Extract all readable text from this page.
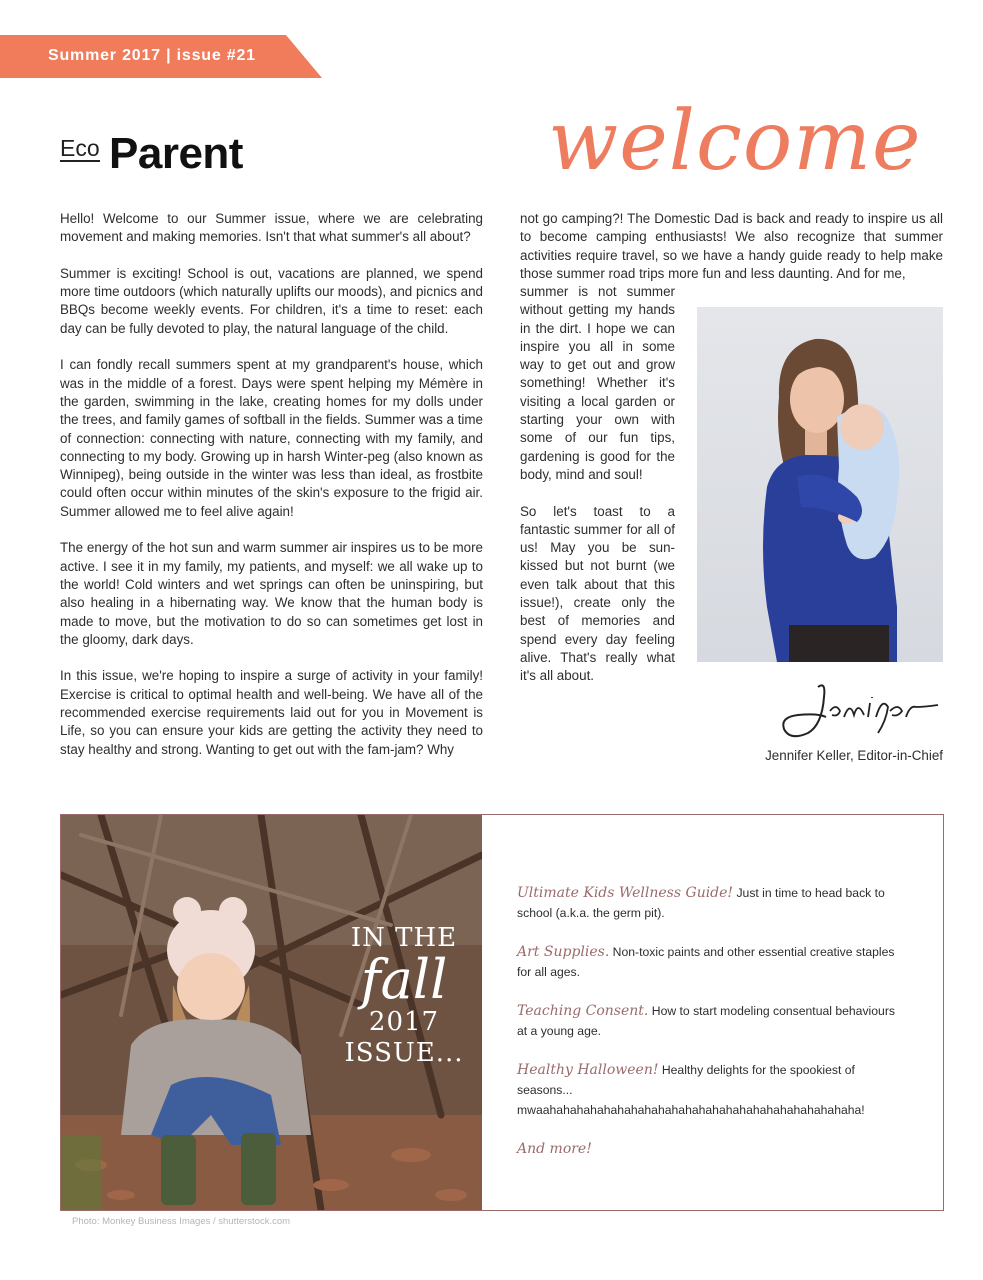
Summer 2017 | issue #21
Eco Parent	welcome

Hello! Welcome to our Summer issue, where we are celebrating movement and making memories. Isn't that what summer's all about?

Summer is exciting! School is out, vacations are planned, we spend more time outdoors (which naturally uplifts our moods), and picnics and BBQs become weekly events. For children, it's a time to reset: each day can be fully devoted to play, the natural language of the child.

I can fondly recall summers spent at my grandparent's house, which was in the middle of a forest. Days were spent helping my Mémère in the garden, swimming in the lake, creating homes for my dolls under the trees, and family games of softball in the fields. Summer was a time of connection: connecting with nature, connecting with my family, and connecting to my body. Growing up in harsh Winter-peg (also known as Winnipeg), being outside in the winter was less than ideal, as frostbite could often occur within minutes of the skin's exposure to the frigid air. Summer allowed me to feel alive again!

The energy of the hot sun and warm summer air inspires us to be more active. I see it in my family, my patients, and myself: we all wake up to the world! Cold winters and wet springs can often be uninspiring, but also healing in a hibernating way. We know that the human body is made to move, but the motivation to do so can sometimes get lost in the gloomy, dark days.

In this issue, we're hoping to inspire a surge of activity in your family! Exercise is critical to optimal health and well-being. We have all of the recommended exercise requirements laid out for you in Movement is Life, so you can ensure your kids are getting the activity they need to stay healthy and strong. Wanting to get out with the fam-jam? Why

not go camping?! The Domestic Dad is back and ready to inspire us all to become camping enthusiasts! We also recognize that summer activities require travel, so we have a handy guide ready to help make those summer road trips more fun and less daunting. And for me,

summer is not summer without getting my hands in the dirt. I hope we can inspire you all in some way to get out and grow something! Whether it's visiting a local garden or starting your own with some of our fun tips, gardening is good for the body, mind and soul!

So let's toast to a fantastic summer for all of us! May you be sun-kissed but not burnt (we even talk about that this issue!), create only the best of memories and spend every day feeling alive. That's really what it's all about.

Jennifer Keller, Editor-in-Chief
IN THE
fall
2017
ISSUE...
Ultimate Kids Wellness Guide! Just in time to head back to school (a.k.a. the germ pit).
Art Supplies. Non-toxic paints and other essential creative staples for all ages.
Teaching Consent. How to start modeling consentual behaviours at a young age.
Healthy Halloween! Healthy delights for the spookiest of seasons... mwaahahahahahahahahahahahahahahahahahahahahahahaha!
And more!
Photo: Monkey Business Images / shutterstock.com
